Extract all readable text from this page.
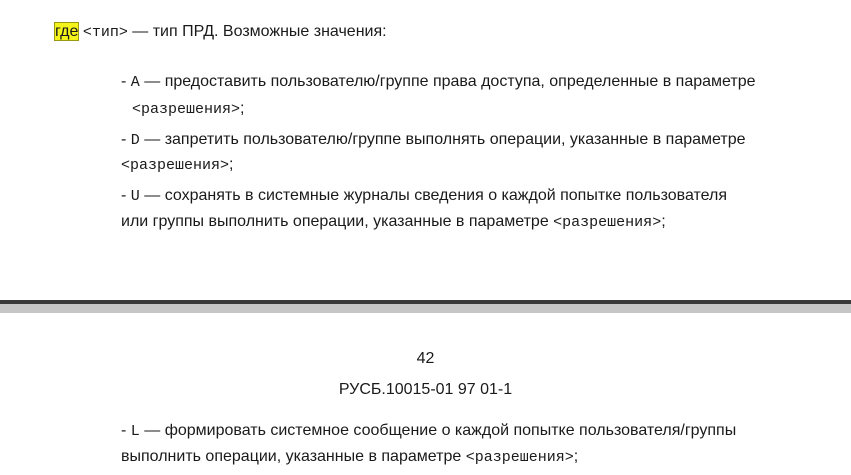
где <тип> — тип ПРД. Возможные значения:
- A — предоставить пользователю/группе права доступа, определенные в параметре
<разрешения>;
- D — запретить пользователю/группе выполнять операции, указанные в параметре
<разрешения>;
- U — сохранять в системные журналы сведения о каждой попытке пользователя
или группы выполнить операции, указанные в параметре <разрешения>;
42
РУСБ.10015-01 97 01-1
- L — формировать системное сообщение о каждой попытке пользователя/группы
выполнить операции, указанные в параметре <разрешения>;
